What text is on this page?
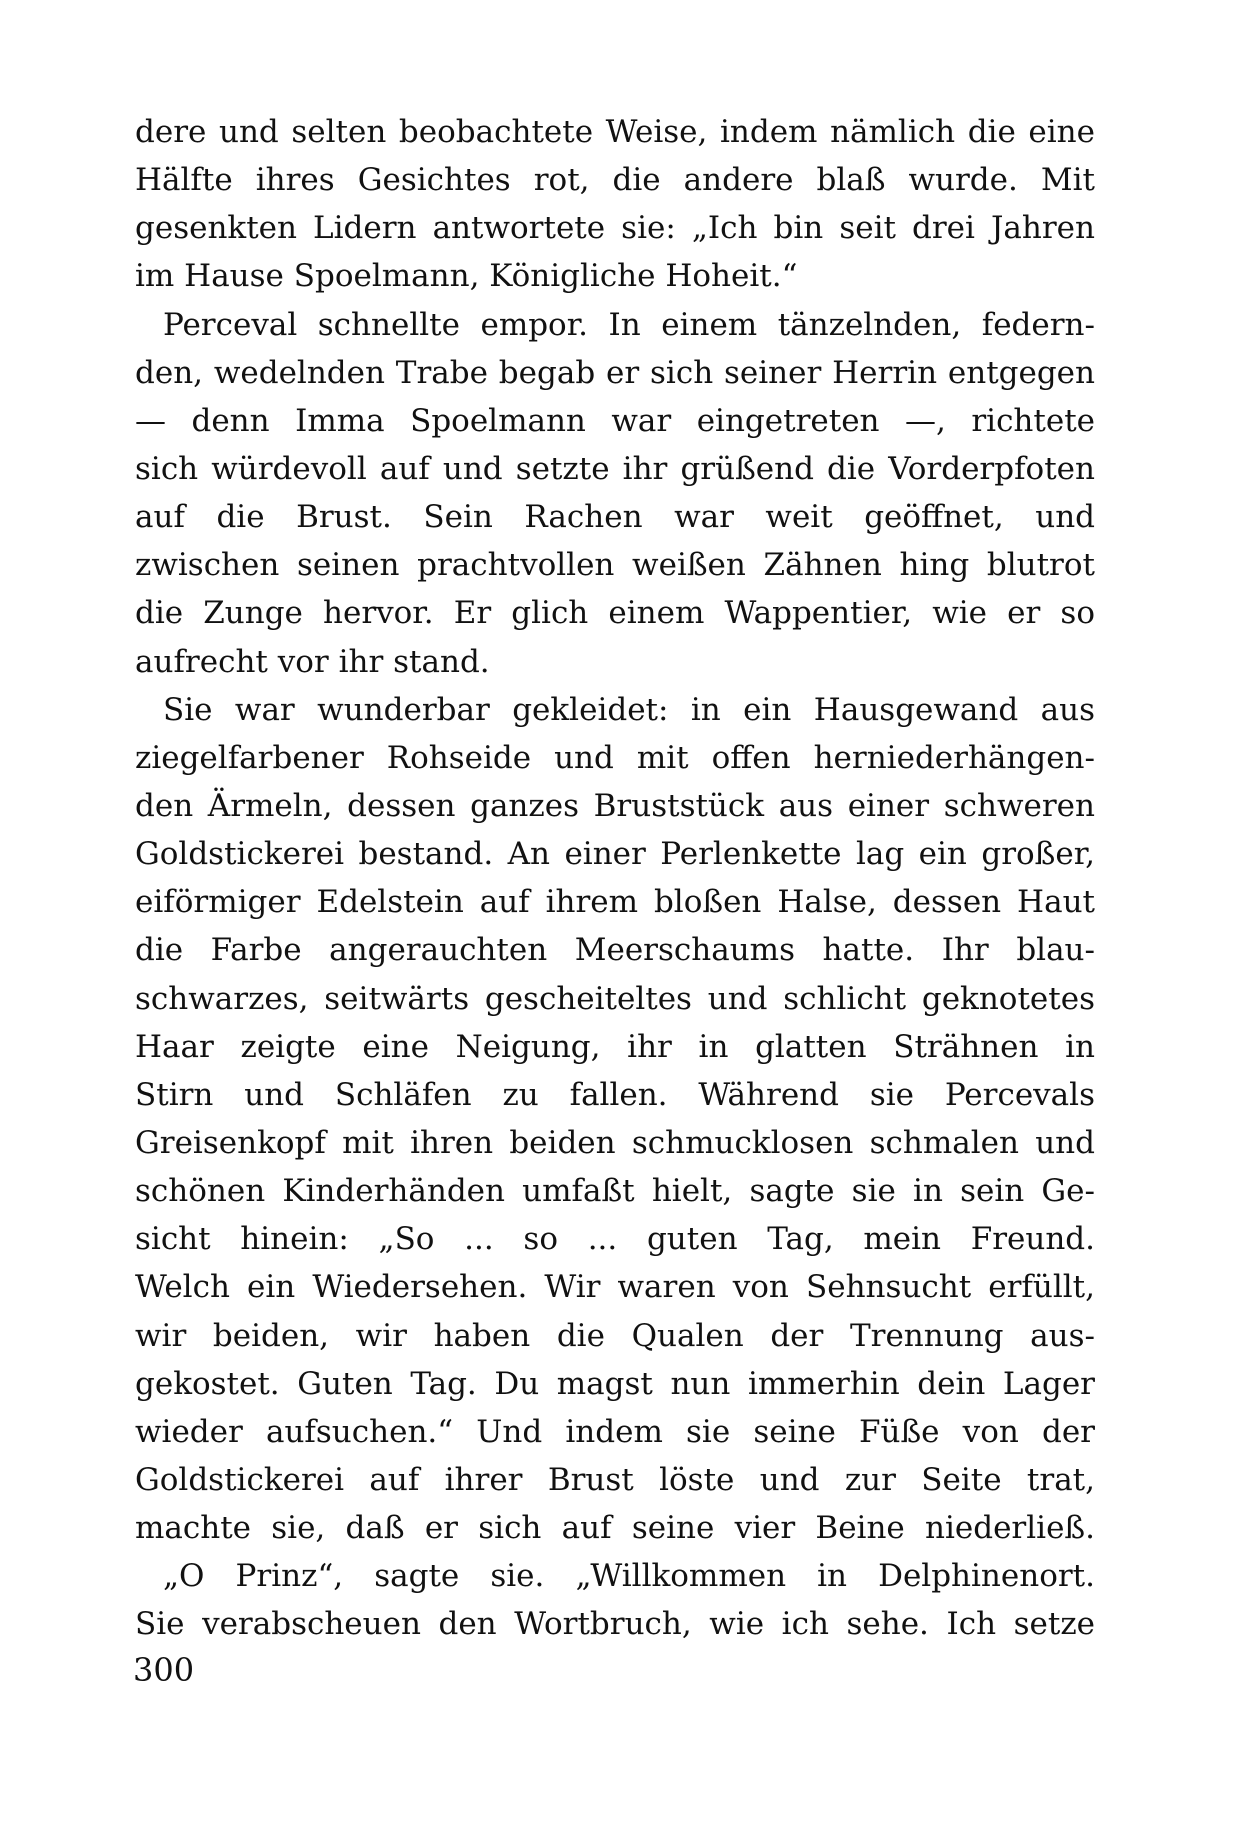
dere und selten beobachtete Weise, indem nämlich die eine
Hälfte ihres Gesichtes rot, die andere blaß wurde. Mit
gesenkten Lidern antwortete sie: „Ich bin seit drei Jahren
im Hause Spoelmann, Königliche Hoheit.“
Perceval schnellte empor. In einem tänzelnden, federn-
den, wedelnden Trabe begab er sich seiner Herrin entgegen
— denn Imma Spoelmann war eingetreten —, richtete
sich würdevoll auf und setzte ihr grüßend die Vorderpfoten
auf die Brust. Sein Rachen war weit geöffnet, und
zwischen seinen prachtvollen weißen Zähnen hing blutrot
die Zunge hervor. Er glich einem Wappentier, wie er so
aufrecht vor ihr stand.
Sie war wunderbar gekleidet: in ein Hausgewand aus
ziegelfarbener Rohseide und mit offen herniederhängen-
den Ärmeln, dessen ganzes Bruststück aus einer schweren
Goldstickerei bestand. An einer Perlenkette lag ein großer,
eiförmiger Edelstein auf ihrem bloßen Halse, dessen Haut
die Farbe angerauchten Meerschaums hatte. Ihr blau-
schwarzes, seitwärts gescheiteltes und schlicht geknotetes
Haar zeigte eine Neigung, ihr in glatten Strähnen in
Stirn und Schläfen zu fallen. Während sie Percevals
Greisenkopf mit ihren beiden schmucklosen schmalen und
schönen Kinderhänden umfaßt hielt, sagte sie in sein Ge-
sicht hinein: „So ... so ... guten Tag, mein Freund.
Welch ein Wiedersehen. Wir waren von Sehnsucht erfüllt,
wir beiden, wir haben die Qualen der Trennung aus-
gekostet. Guten Tag. Du magst nun immerhin dein Lager
wieder aufsuchen.“ Und indem sie seine Füße von der
Goldstickerei auf ihrer Brust löste und zur Seite trat,
machte sie, daß er sich auf seine vier Beine niederließ.
„O Prinz“, sagte sie. „Willkommen in Delphinenort.
Sie verabscheuen den Wortbruch, wie ich sehe. Ich setze
300
